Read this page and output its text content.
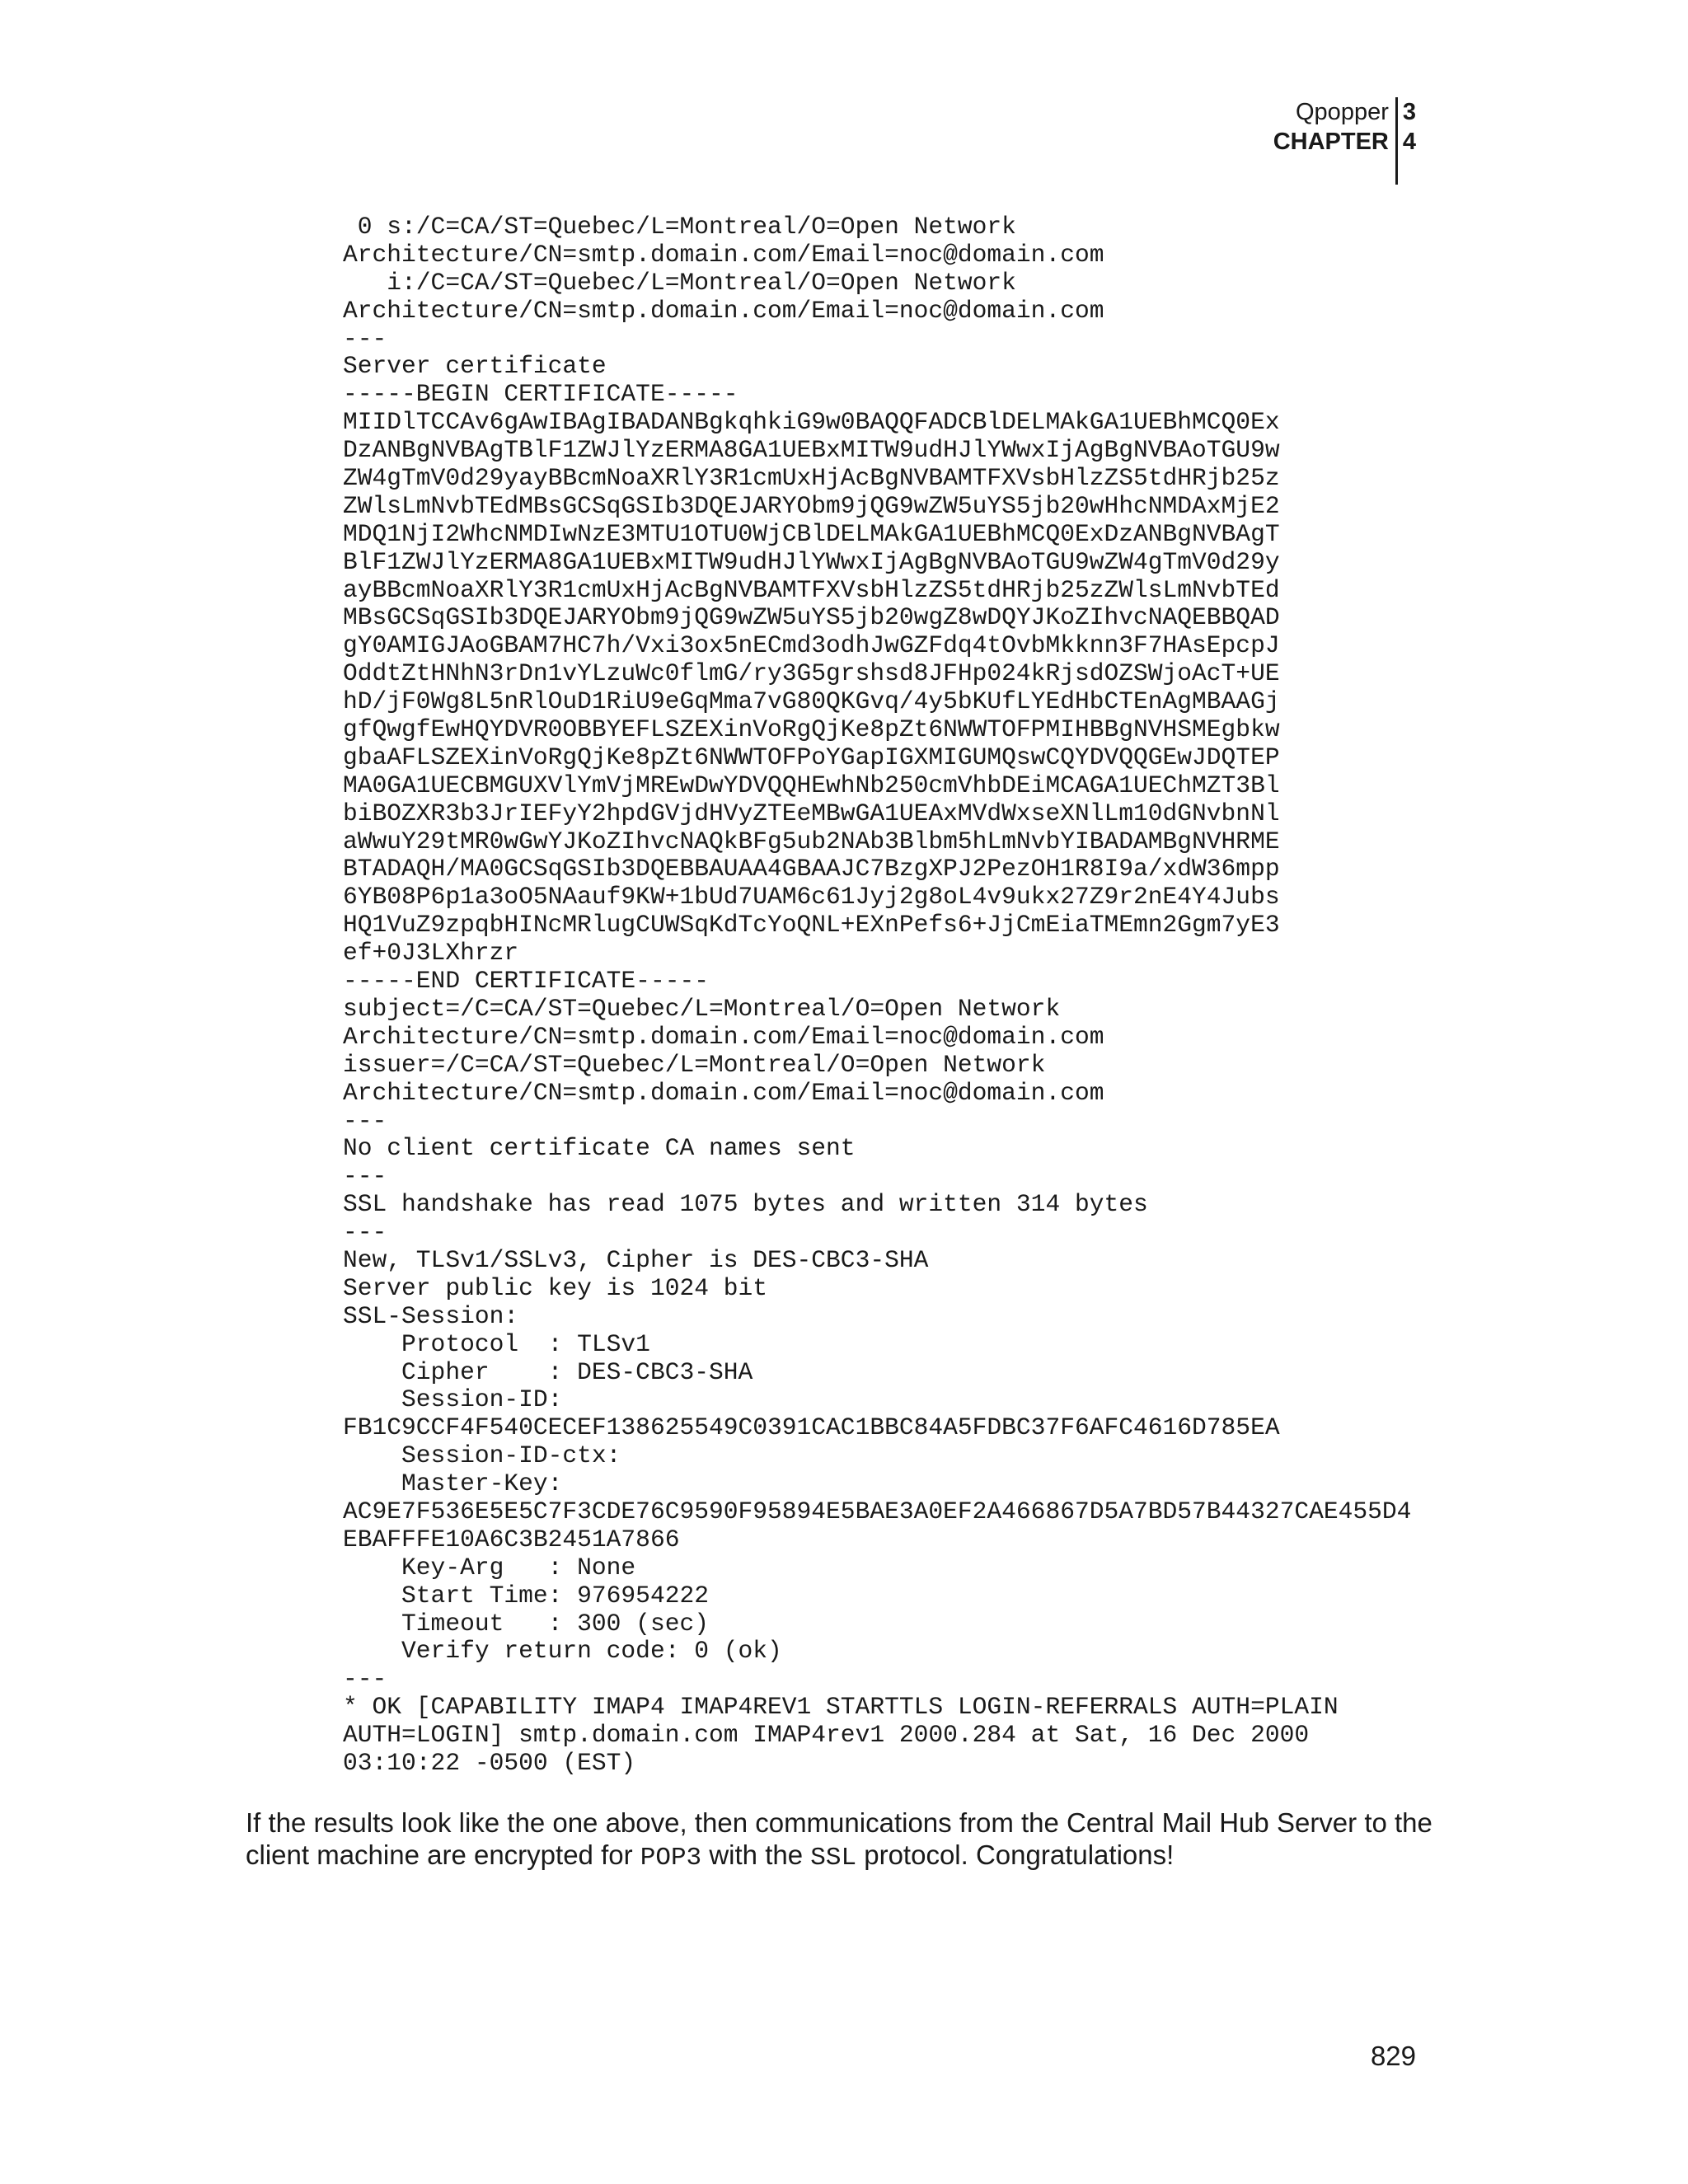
Qpopper
CHAPTER
3
4
0 s:/C=CA/ST=Quebec/L=Montreal/O=Open Network
Architecture/CN=smtp.domain.com/Email=noc@domain.com
i:/C=CA/ST=Quebec/L=Montreal/O=Open Network
Architecture/CN=smtp.domain.com/Email=noc@domain.com
---
Server certificate
-----BEGIN CERTIFICATE-----
MIIDlTCCAv6gAwIBAgIBADANBgkqhkiG9w0BAQQFADCBlDELMAkGA1UEBhMCQ0Ex
DzANBgNVBAgTBlF1ZWJlYzERMA8GA1UEBxMITW9udHJlYWwxIjAgBgNVBAoTGU9w
ZW4gTmV0d29yayBBcmNoaXRlY3R1cmUxHjAcBgNVBAMTFXVsbHlzZS5tdHRjb25z
ZWlsLmNvbTEdMBsGCSqGSIb3DQEJARYObm9jQG9wZW5uYS5jb20wHhcNMDAxMjE2
MDQ1NjI2WhcNMDIwNzE3MTU1OTU0WjCBlDELMAkGA1UEBhMCQ0ExDzANBgNVBAgT
BlF1ZWJlYzERMA8GA1UEBxMITW9udHJlYWwxIjAgBgNVBAoTGU9wZW4gTmV0d29y
ayBBcmNoaXRlY3R1cmUxHjAcBgNVBAMTFXVsbHlzZS5tdHRjb25zZWlsLmNvbTEd
MBsGCSqGSIb3DQEJARYObm9jQG9wZW5uYS5jb20wgZ8wDQYJKoZIhvcNAQEBBQAD
gY0AMIGJAoGBAM7HC7h/Vxi3ox5nECmd3odhJwGZFdq4tOvbMkknn3F7HAsEpcpJ
OddtZtHNhN3rDn1vYLzuWc0flmG/ry3G5grshsd8JFHp024kRjsdOZSWjoAcT+UE
hD/jF0Wg8L5nRlOuD1RiU9eGqMma7vG80QKGvq/4y5bKUfLYEdHbCTEnAgMBAAGj
gfQwgfEwHQYDVR0OBBYEFLSZEXinVoRgQjKe8pZt6NWWTOFPMIHBBgNVHSMEgbkw
gbaAFLSZEXinVoRgQjKe8pZt6NWWTOFPoYGapIGXMIGUMQswCQYDVQQGEwJDQTEP
MA0GA1UECBMGUXVlYmVjMREwDwYDVQQHEwhNb250cmVhbDEiMCAGA1UEChMZT3Bl
biBOZXR3b3JrIEFyY2hpdGVjdHVyZTEeMBwGA1UEAxMVdWxseXNlLm10dGNvbnNl
aWwuY29tMR0wGwYJKoZIhvcNAQkBFg5ub2NAb3Blbm5hLmNvbYIBADAMBgNVHRME
BTADAQH/MA0GCSqGSIb3DQEBBAUAA4GBAAJC7BzgXPJ2PezOH1R8I9a/xdW36mpp
6YB08P6p1a3oO5NAauf9KW+1bUd7UAM6c61Jyj2g8oL4v9ukx27Z9r2nE4Y4Jubs
HQ1VuZ9zpqbHINcMRlugCUWSqKdTcYoQNL+EXnPefs6+JjCmEiaTMEmn2Ggm7yE3
ef+0J3LXhrzr
-----END CERTIFICATE-----
subject=/C=CA/ST=Quebec/L=Montreal/O=Open Network
Architecture/CN=smtp.domain.com/Email=noc@domain.com
issuer=/C=CA/ST=Quebec/L=Montreal/O=Open Network
Architecture/CN=smtp.domain.com/Email=noc@domain.com
---
No client certificate CA names sent
---
SSL handshake has read 1075 bytes and written 314 bytes
---
New, TLSv1/SSLv3, Cipher is DES-CBC3-SHA
Server public key is 1024 bit
SSL-Session:
Protocol  : TLSv1
Cipher    : DES-CBC3-SHA
Session-ID:
FB1C9CCF4F540CECEF138625549C0391CAC1BBC84A5FDBC37F6AFC4616D785EA
Session-ID-ctx:
Master-Key:
AC9E7F536E5E5C7F3CDE76C9590F95894E5BAE3A0EF2A466867D5A7BD57B44327CAE455D4
EBAFFFE10A6C3B2451A7866
Key-Arg   : None
Start Time: 976954222
Timeout   : 300 (sec)
Verify return code: 0 (ok)
---
* OK [CAPABILITY IMAP4 IMAP4REV1 STARTTLS LOGIN-REFERRALS AUTH=PLAIN
AUTH=LOGIN] smtp.domain.com IMAP4rev1 2000.284 at Sat, 16 Dec 2000
03:10:22 -0500 (EST)

If the results look like the one above, then communications from the Central Mail Hub Server to the client machine are encrypted for POP3 with the SSL protocol. Congratulations!

829
